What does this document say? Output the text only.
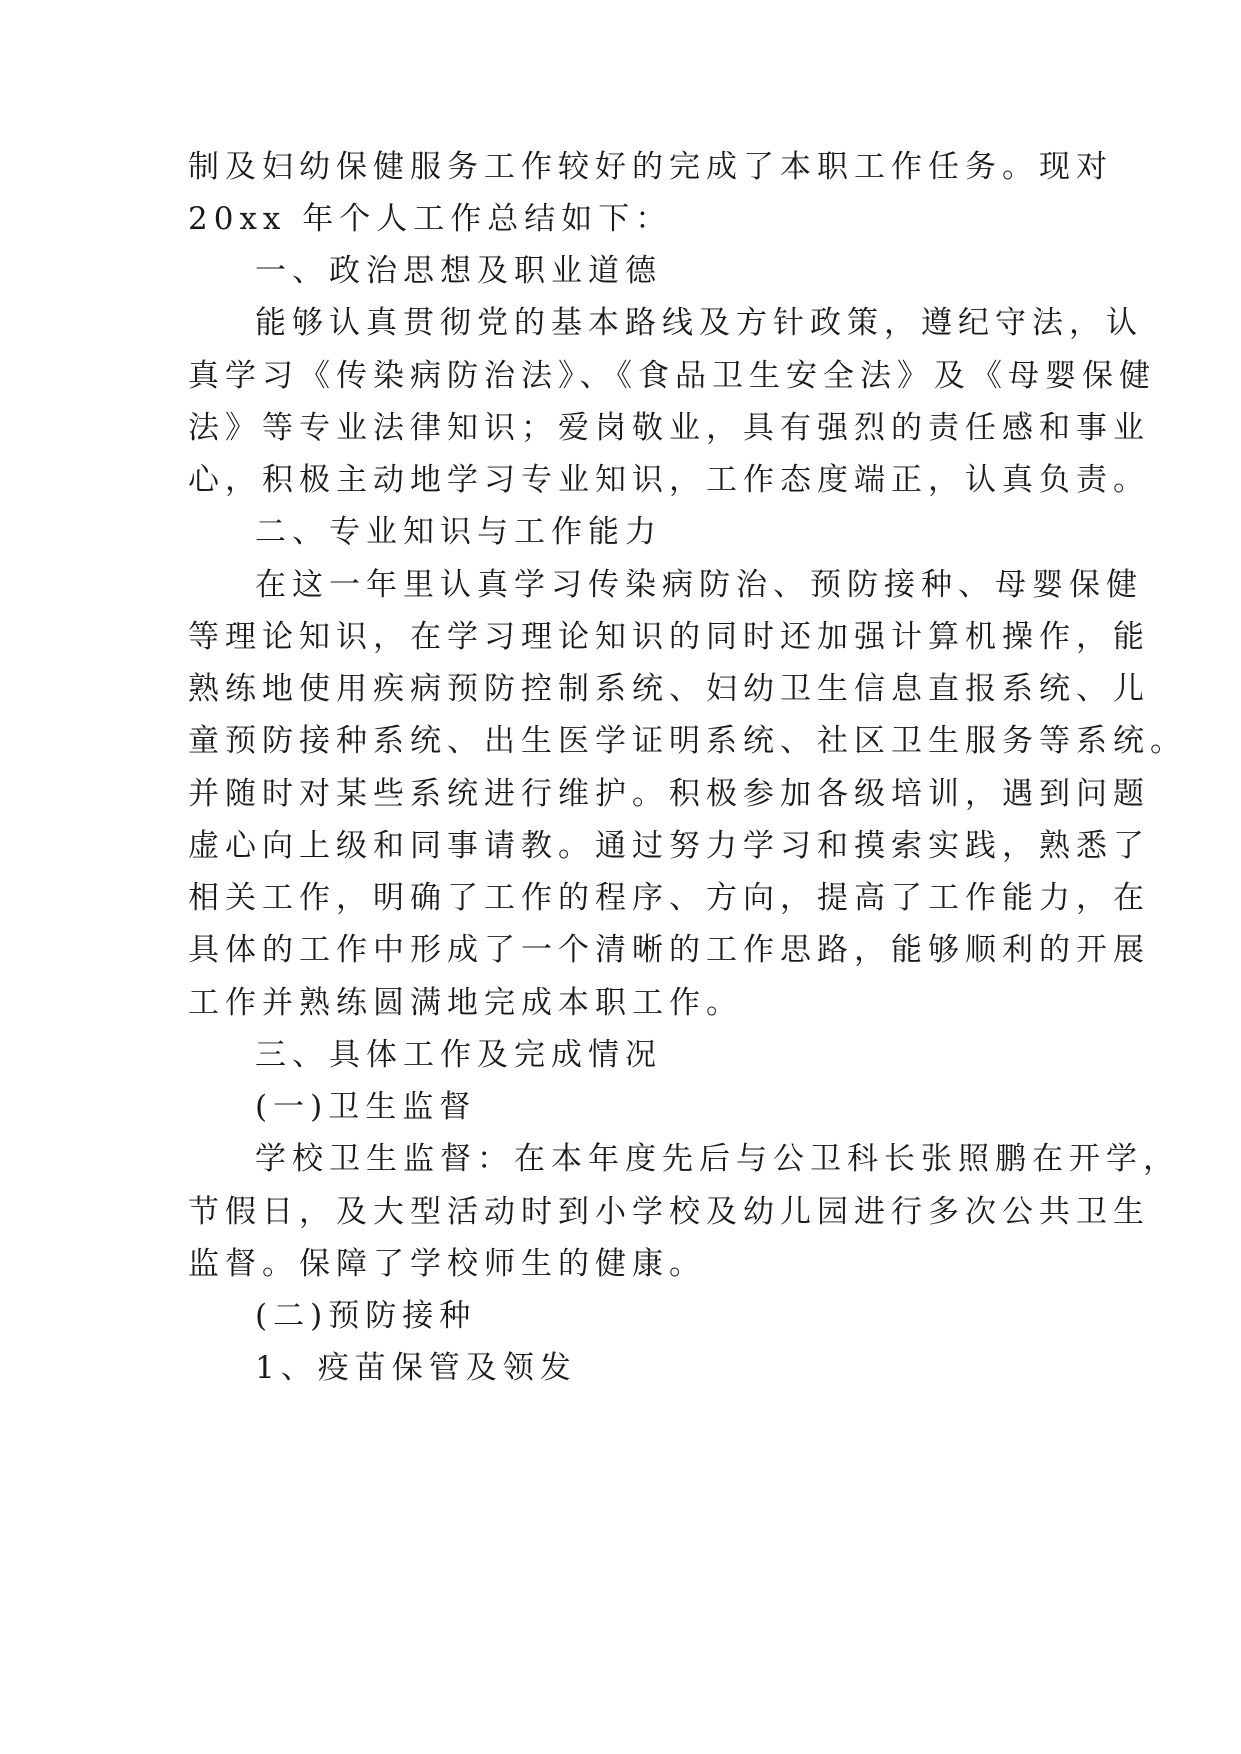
制及妇幼保健服务工作较好的完成了本职工作任务。现对
20xx 年个人工作总结如下：
一、政治思想及职业道德
能够认真贯彻党的基本路线及方针政策，遵纪守法，认
真学习《传染病防治法》、《食品卫生安全法》及《母婴保健
法》等专业法律知识；爱岗敬业，具有强烈的责任感和事业
心，积极主动地学习专业知识，工作态度端正，认真负责。
二、专业知识与工作能力
在这一年里认真学习传染病防治、预防接种、母婴保健
等理论知识，在学习理论知识的同时还加强计算机操作，能
熟练地使用疾病预防控制系统、妇幼卫生信息直报系统、儿
童预防接种系统、出生医学证明系统、社区卫生服务等系统。
并随时对某些系统进行维护。积极参加各级培训，遇到问题
虚心向上级和同事请教。通过努力学习和摸索实践，熟悉了
相关工作，明确了工作的程序、方向，提高了工作能力，在
具体的工作中形成了一个清晰的工作思路，能够顺利的开展
工作并熟练圆满地完成本职工作。
三、具体工作及完成情况
(一)卫生监督
学校卫生监督：在本年度先后与公卫科长张照鹏在开学，
节假日，及大型活动时到小学校及幼儿园进行多次公共卫生
监督。保障了学校师生的健康。
(二)预防接种
1、疫苗保管及领发
